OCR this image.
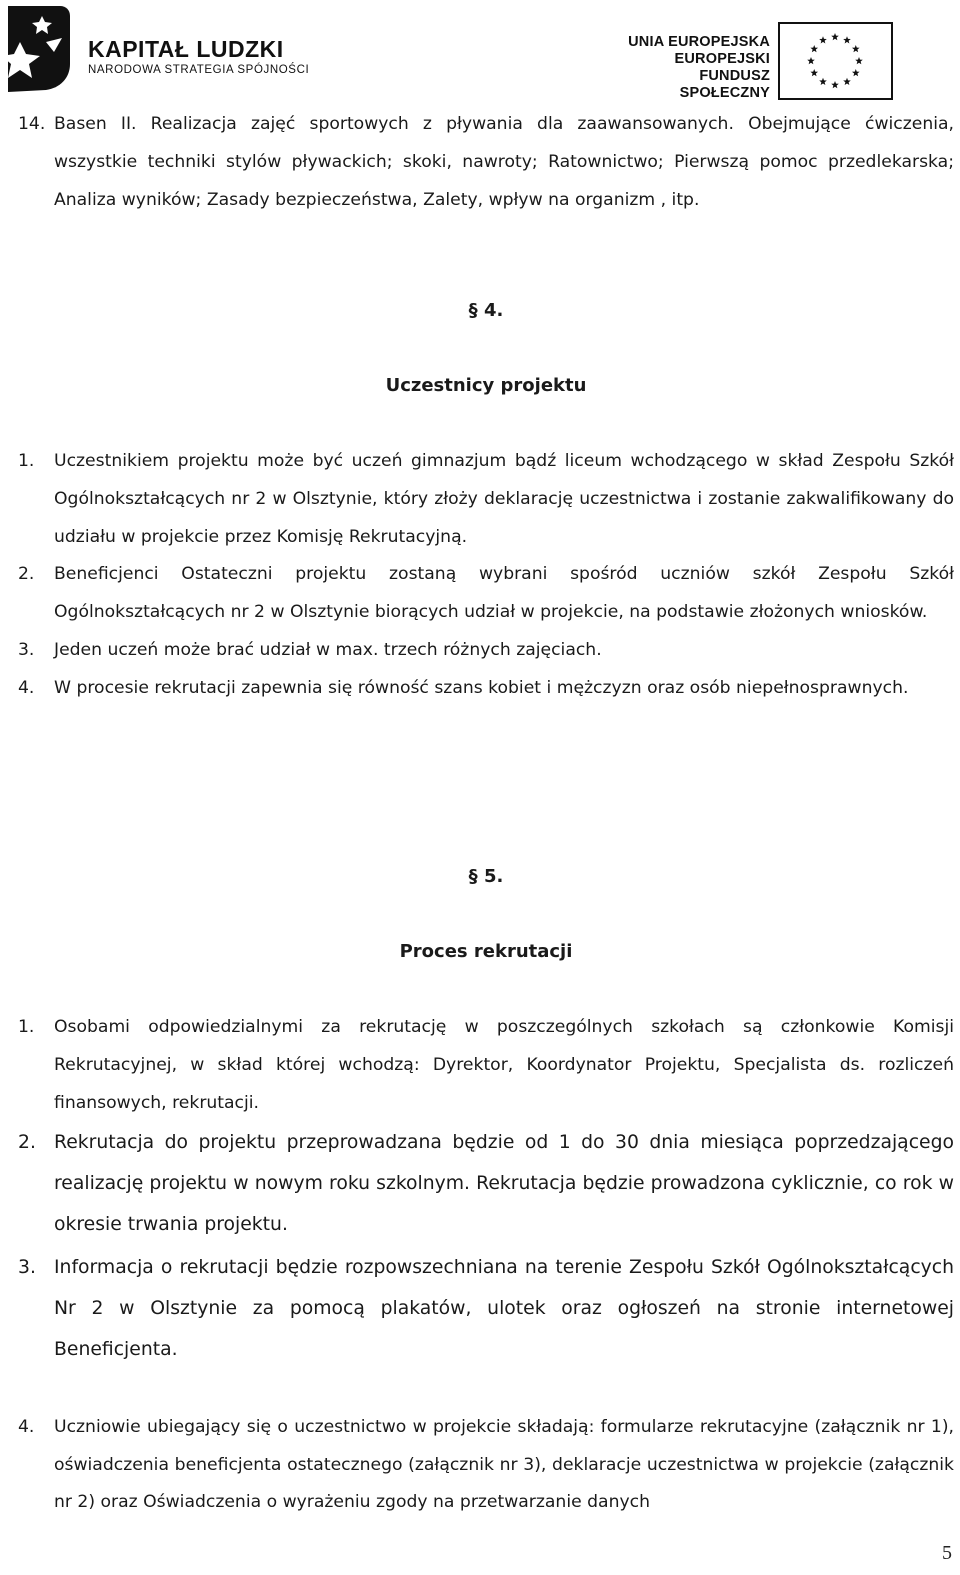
KAPITAŁ LUDZKI
NARODOWA STRATEGIA SPÓJNOŚCI
UNIA EUROPEJSKA
EUROPEJSKI
FUNDUSZ SPOŁECZNY
14. Basen II. Realizacja zajęć sportowych z pływania dla zaawansowanych. Obejmujące ćwiczenia, wszystkie techniki stylów pływackich; skoki, nawroty; Ratownictwo; Pierwszą pomoc przedlekarska; Analiza wyników; Zasady bezpieczeństwa, Zalety, wpływ na organizm , itp.
§ 4.
Uczestnicy projektu
1.	Uczestnikiem projektu może być uczeń gimnazjum bądź liceum wchodzącego w skład Zespołu Szkół Ogólnokształcących nr 2 w Olsztynie, który złoży deklarację uczestnictwa i zostanie zakwalifikowany do udziału w projekcie przez Komisję Rekrutacyjną.
2.	Beneficjenci Ostateczni projektu zostaną wybrani spośród uczniów szkół Zespołu Szkół Ogólnokształcących nr 2 w Olsztynie biorących udział w projekcie, na podstawie złożonych wniosków.
3.	Jeden uczeń może brać udział w max. trzech różnych zajęciach.
4.	W procesie rekrutacji zapewnia się równość szans kobiet i mężczyzn oraz osób niepełnosprawnych.
§ 5.
Proces rekrutacji
1.	Osobami odpowiedzialnymi za rekrutację w poszczególnych szkołach są członkowie Komisji Rekrutacyjnej, w skład której wchodzą: Dyrektor, Koordynator Projektu, Specjalista ds. rozliczeń finansowych, rekrutacji.
2. Rekrutacja do projektu przeprowadzana będzie od 1 do 30 dnia miesiąca poprzedzającego realizację projektu w nowym roku szkolnym. Rekrutacja będzie prowadzona cyklicznie, co rok w okresie trwania projektu.
3. Informacja o rekrutacji będzie rozpowszechniana na terenie Zespołu Szkół Ogólnokształcących Nr 2 w Olsztynie za pomocą plakatów, ulotek oraz ogłoszeń na stronie internetowej Beneficjenta.
4.	Uczniowie ubiegający się o uczestnictwo w projekcie składają: formularze rekrutacyjne (załącznik nr 1), oświadczenia beneficjenta ostatecznego (załącznik nr 3), deklaracje uczestnictwa w projekcie (załącznik nr 2) oraz Oświadczenia o wyrażeniu zgody na przetwarzanie danych
5
